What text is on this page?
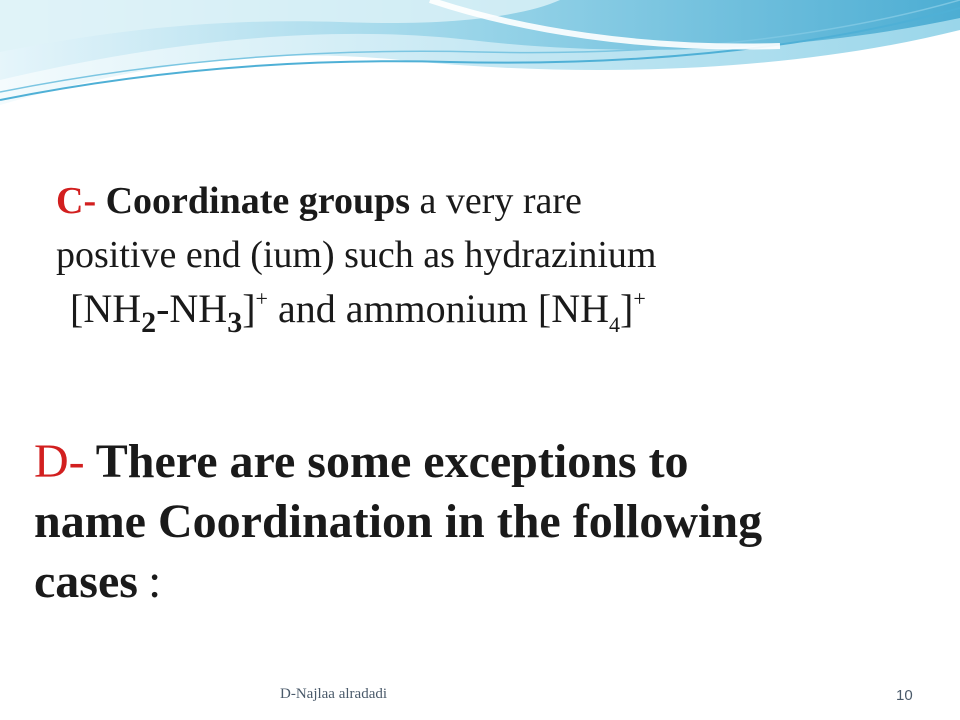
C- Coordinate groups a very rare
positive end (ium) such as hydrazinium
$[NH_2-NH_3]^+$ and ammonium $[NH_4]^+$
D- There are some exceptions to
name Coordination in the following
cases :
D-Najlaa alradadi	10
